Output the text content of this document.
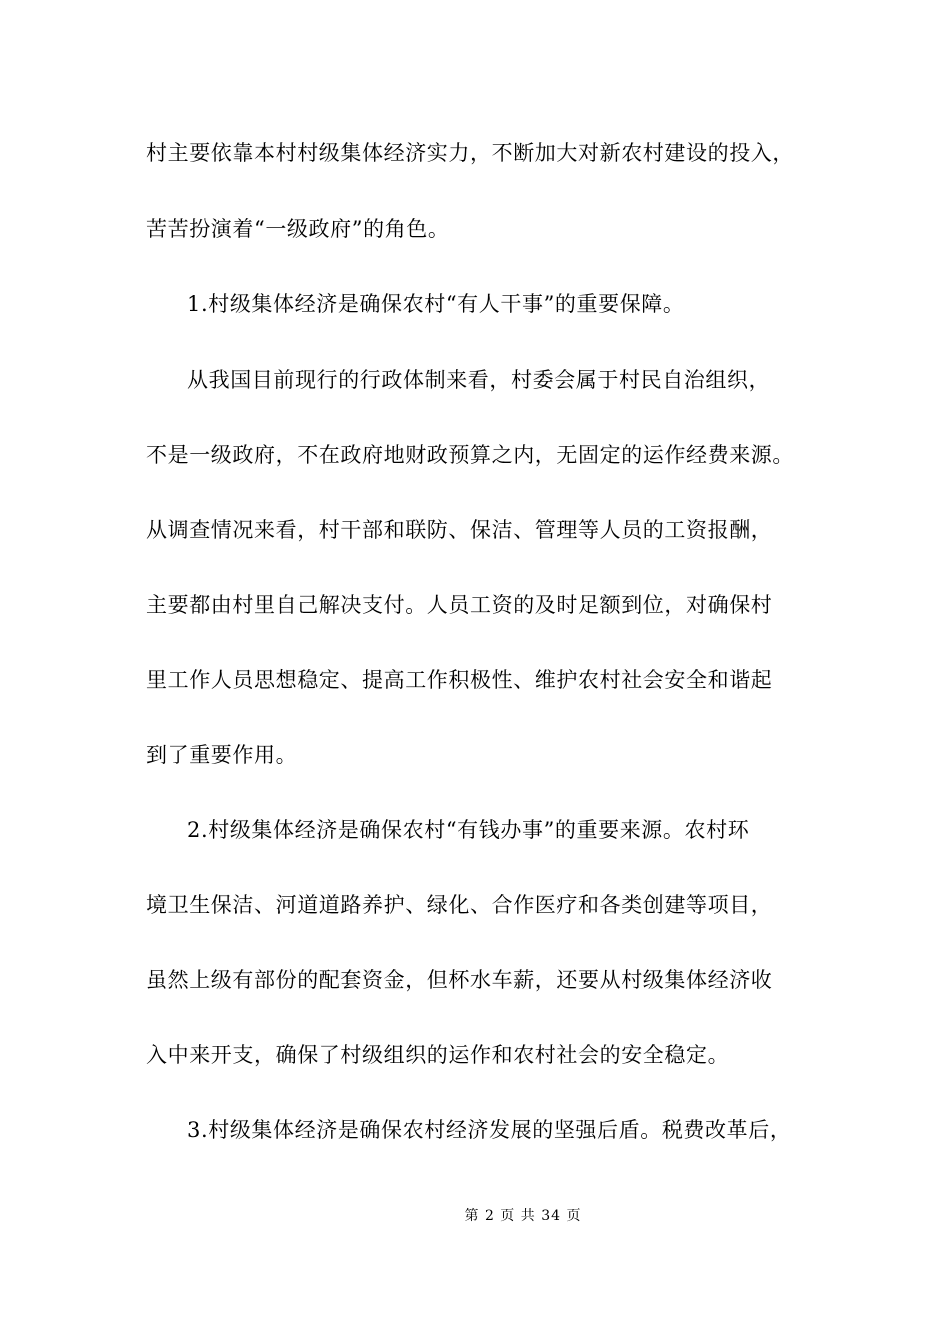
村主要依靠本村村级集体经济实力，不断加大对新农村建设的投入，
苦苦扮演着“一级政府”的角色。
1.村级集体经济是确保农村“有人干事”的重要保障。
从我国目前现行的行政体制来看，村委会属于村民自治组织，
不是一级政府，不在政府地财政预算之内，无固定的运作经费来源。
从调查情况来看，村干部和联防、保洁、管理等人员的工资报酬，
主要都由村里自己解决支付。人员工资的及时足额到位，对确保村
里工作人员思想稳定、提高工作积极性、维护农村社会安全和谐起
到了重要作用。
2.村级集体经济是确保农村“有钱办事”的重要来源。农村环
境卫生保洁、河道道路养护、绿化、合作医疗和各类创建等项目，
虽然上级有部份的配套资金，但杯水车薪，还要从村级集体经济收
入中来开支，确保了村级组织的运作和农村社会的安全稳定。
3.村级集体经济是确保农村经济发展的坚强后盾。税费改革后，
第 2 页 共 34 页
